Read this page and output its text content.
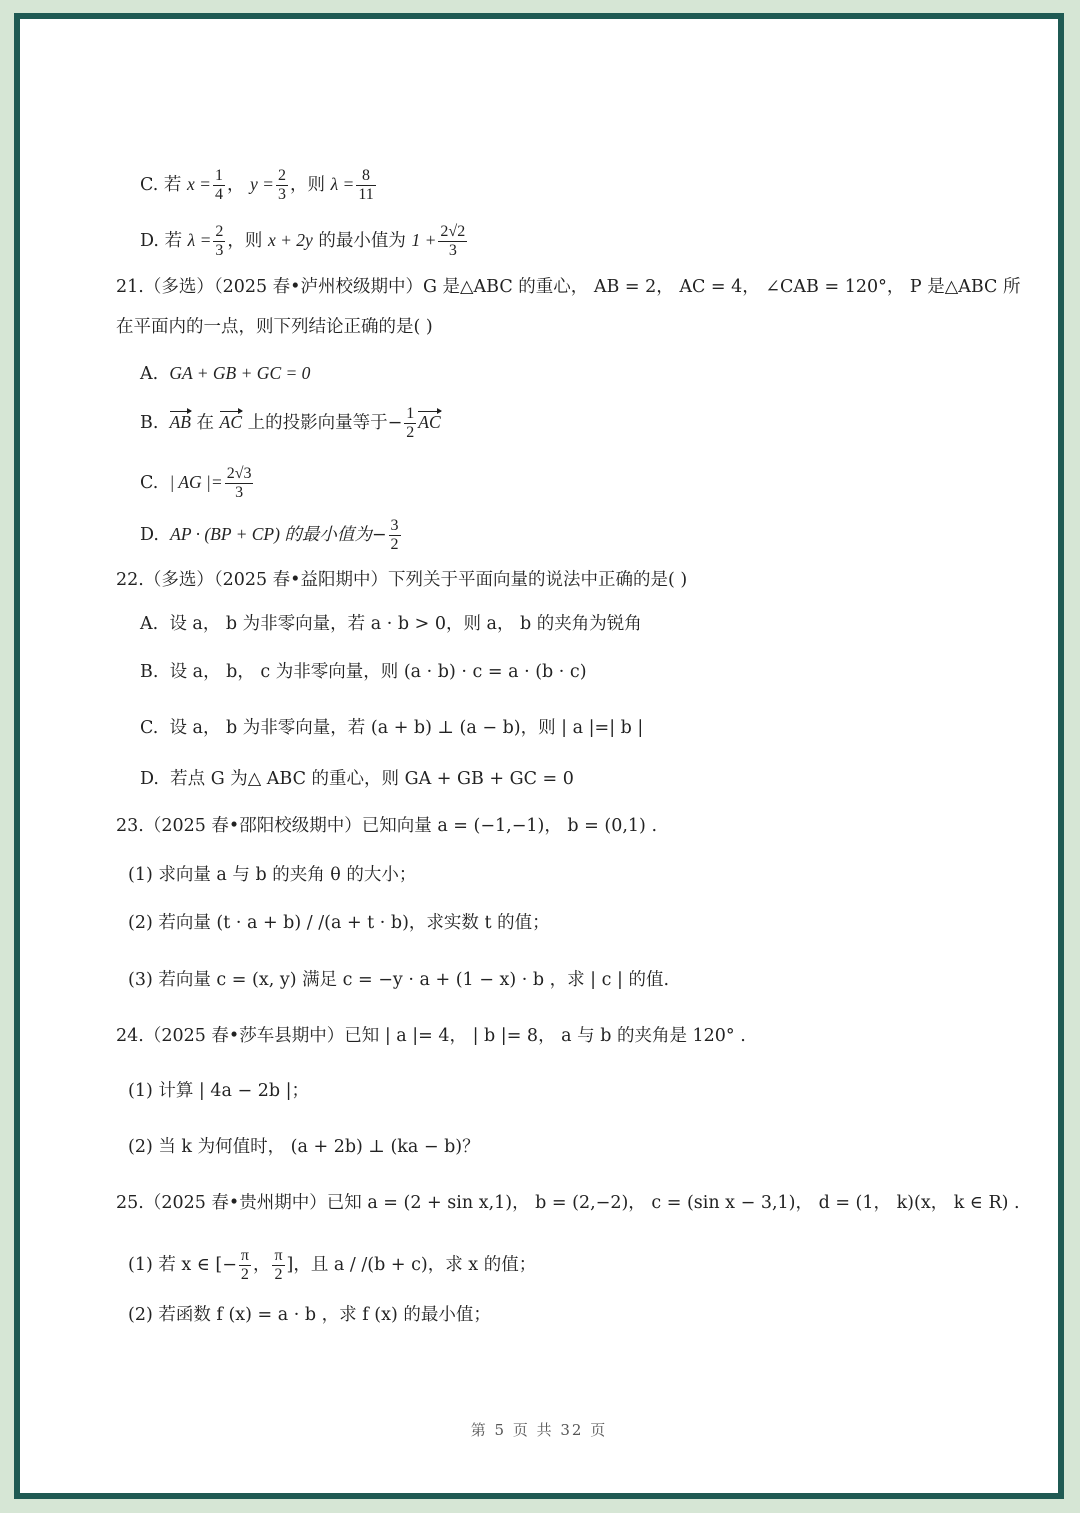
C. 若 $x = \frac{1}{4}$ ， $y = \frac{2}{3}$ ，则 $\lambda = \frac{8}{11}$
D. 若 $\lambda = \frac{2}{3}$ ，则 x + 2y 的最小值为 $1 + \frac{2√2}{3}$
21.（多选）（2025 春•泸州校级期中）G 是△ABC 的重心， AB = 2， AC = 4， ∠CAB = 120°， P 是△ABC 所
在平面内的一点，则下列结论正确的是( )
A. GA + GB + GC = 0
B. AB 在 AC 上的投影向量等于− $\frac{1}{2}$ AC
C. | AG |= $\frac{2√3}{3}$
D. AP · (BP + CP) 的最小值为− $\frac{3}{2}$
22.（多选）（2025 春•益阳期中）下列关于平面向量的说法中正确的是( )
A. 设 a， b 为非零向量，若 a · b > 0，则 a， b 的夹角为锐角
B. 设 a， b， c 为非零向量，则 (a · b) · c = a · (b · c)
C. 设 a， b 为非零向量，若 (a + b) ⊥ (a − b)，则 | a |=| b |
D. 若点 G 为△ ABC 的重心，则 GA + GB + GC = 0
23.（2025 春•邵阳校级期中）已知向量 a = (−1,−1)， b = (0,1) .
(1) 求向量 a 与 b 的夹角 θ 的大小；
(2) 若向量 (t · a + b) / /(a + t · b)，求实数 t 的值；
(3) 若向量 c = (x, y) 满足 c = −y · a + (1 − x) · b ，求 | c | 的值.
24.（2025 春•莎车县期中）已知 | a |= 4， | b |= 8， a 与 b 的夹角是 120° .
(1) 计算 | 4a − 2b |；
(2) 当 k 为何值时， (a + 2b) ⊥ (ka − b)？
25.（2025 春•贵州期中）已知 a = (2 + sin x,1)， b = (2,−2)， c = (sin x − 3,1)， d = (1， k)(x， k ∈ R) .
(1) 若 x ∈ [− $\frac{\pi}{2}$ ， $\frac{\pi}{2}$ ]，且 a / /(b + c)，求 x 的值；
(2) 若函数 f (x) = a · b ，求 f (x) 的最小值；
第 5 页 共 32 页
